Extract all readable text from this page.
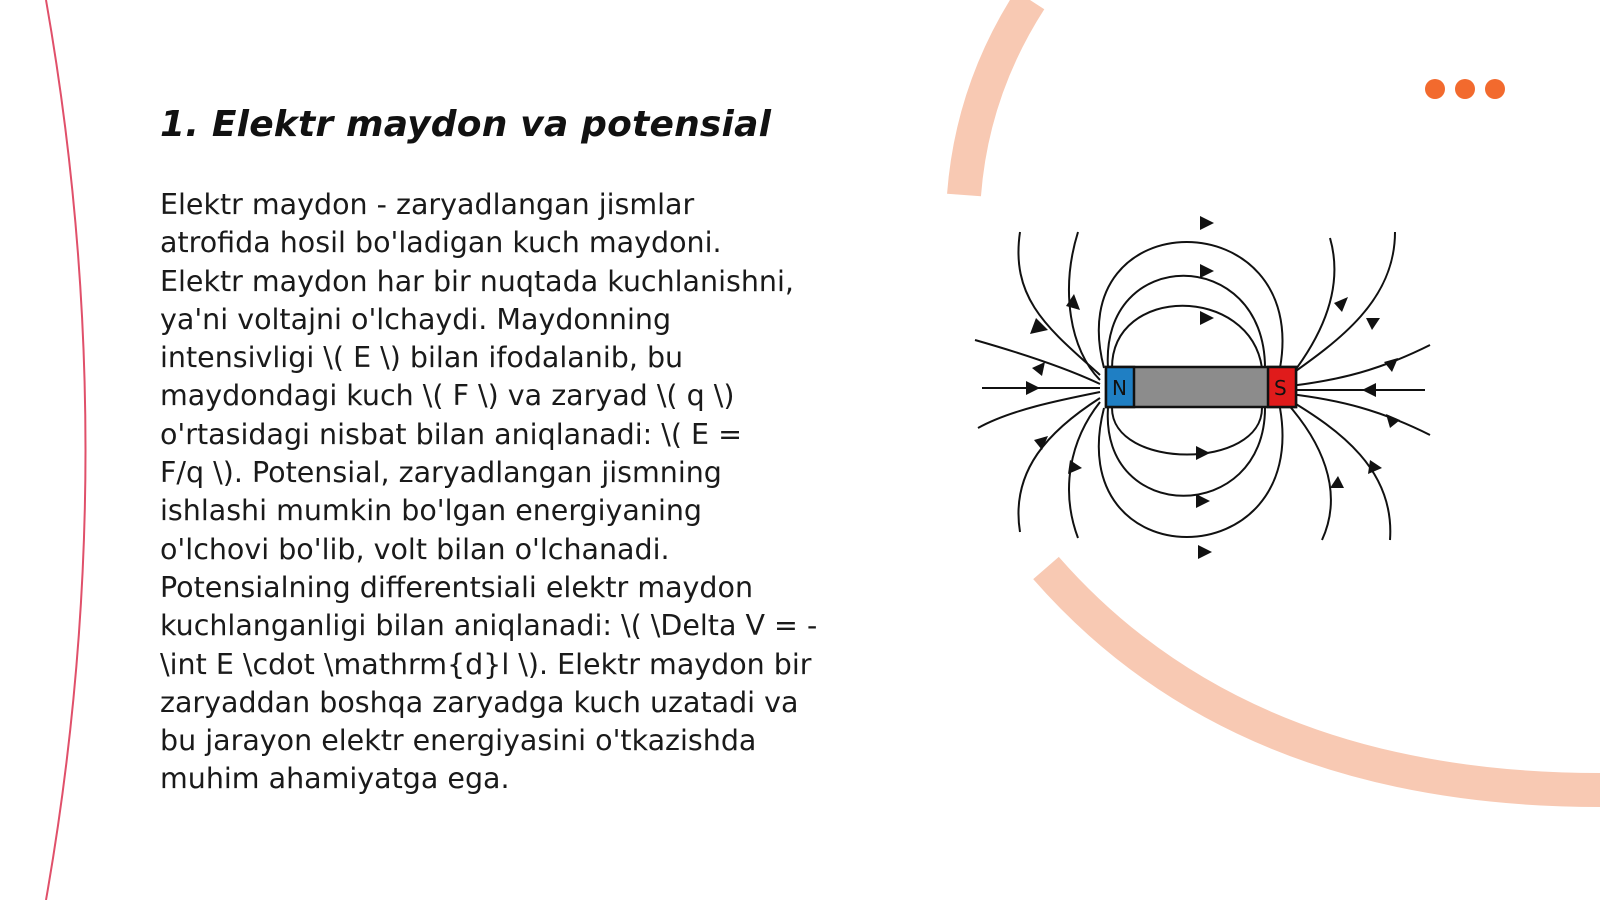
1. Elektr maydon va potensial

Elektr maydon - zaryadlangan jismlar
atrofida hosil bo'ladigan kuch maydoni.
Elektr maydon har bir nuqtada kuchlanishni,
ya'ni voltajni o'lchaydi. Maydonning
intensivligi \( E \) bilan ifodalanib, bu
maydondagi kuch \( F \) va zaryad \( q \)
o'rtasidagi nisbat bilan aniqlanadi: \( E =
F/q \). Potensial, zaryadlangan jismning
ishlashi mumkin bo'lgan energiyaning
o'lchovi bo'lib, volt bilan o'lchanadi.
Potensialning differentsiali elektr maydon
kuchlanganligi bilan aniqlanadi: \( \Delta V = -
\int E \cdot \mathrm{d}l \). Elektr maydon bir
zaryaddan boshqa zaryadga kuch uzatadi va
bu jarayon elektr energiyasini o'tkazishda
muhim ahamiyatga ega.

N	S
